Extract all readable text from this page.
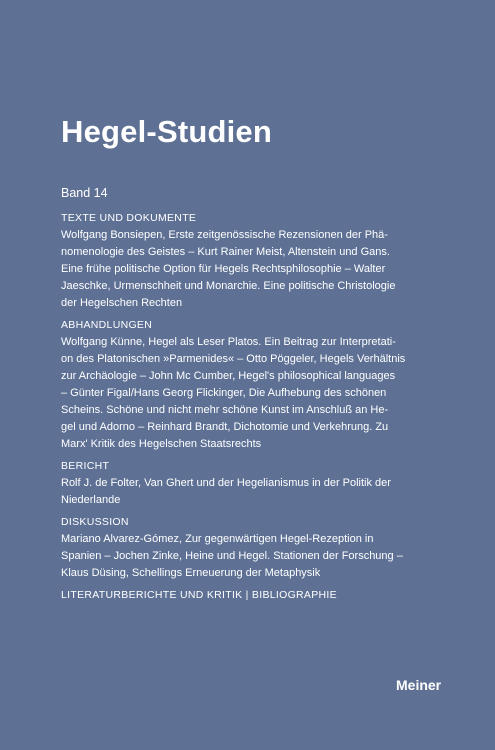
Hegel-Studien
Band 14
TEXTE UND DOKUMENTE
Wolfgang Bonsiepen, Erste zeitgenössische Rezensionen der Phä-
nomenologie des Geistes – Kurt Rainer Meist, Altenstein und Gans.
Eine frühe politische Option für Hegels Rechtsphilosophie – Walter
Jaeschke, Urmenschheit und Monarchie. Eine politische Christologie
der Hegelschen Rechten
ABHANDLUNGEN
Wolfgang Künne, Hegel als Leser Platos. Ein Beitrag zur Interpretati-
on des Platonischen »Parmenides« – Otto Pöggeler, Hegels Verhältnis
zur Archäologie – John Mc Cumber, Hegel's philosophical languages
– Günter Figal/Hans Georg Flickinger, Die Aufhebung des schönen
Scheins. Schöne und nicht mehr schöne Kunst im Anschluß an He-
gel und Adorno – Reinhard Brandt, Dichotomie und Verkehrung. Zu
Marx' Kritik des Hegelschen Staatsrechts
BERICHT
Rolf J. de Folter, Van Ghert und der Hegelianismus in der Politik der
Niederlande
DISKUSSION
Mariano Alvarez-Gómez, Zur gegenwärtigen Hegel-Rezeption in
Spanien – Jochen Zinke, Heine und Hegel. Stationen der Forschung –
Klaus Düsing, Schellings Erneuerung der Metaphysik
LITERATURBERICHTE UND KRITIK | BIBLIOGRAPHIE
Meiner
